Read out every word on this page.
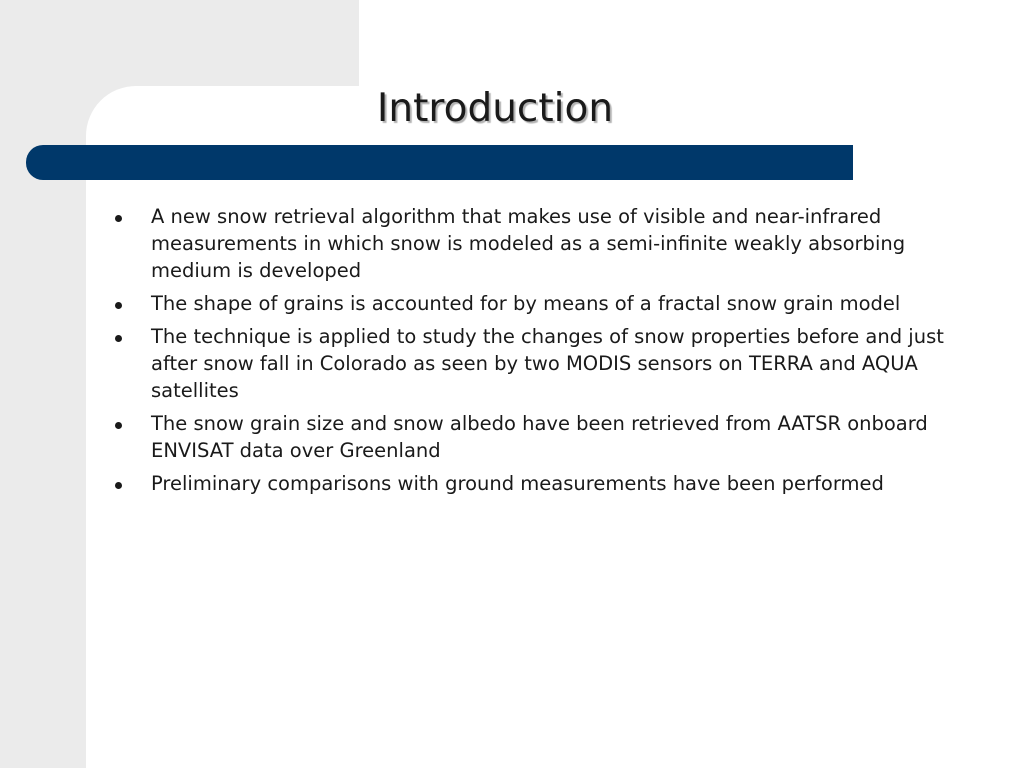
Introduction
A new snow retrieval algorithm that makes use of visible and near-infrared measurements in which snow is modeled as a semi-infinite weakly absorbing medium is developed
The shape of grains is accounted for by means of a fractal snow grain model
The technique is applied to study the changes of snow properties before and just after snow fall in Colorado as seen by two MODIS sensors on TERRA and AQUA satellites
The snow grain size and snow albedo have been retrieved from AATSR onboard ENVISAT data over Greenland
Preliminary comparisons with ground measurements have been performed
